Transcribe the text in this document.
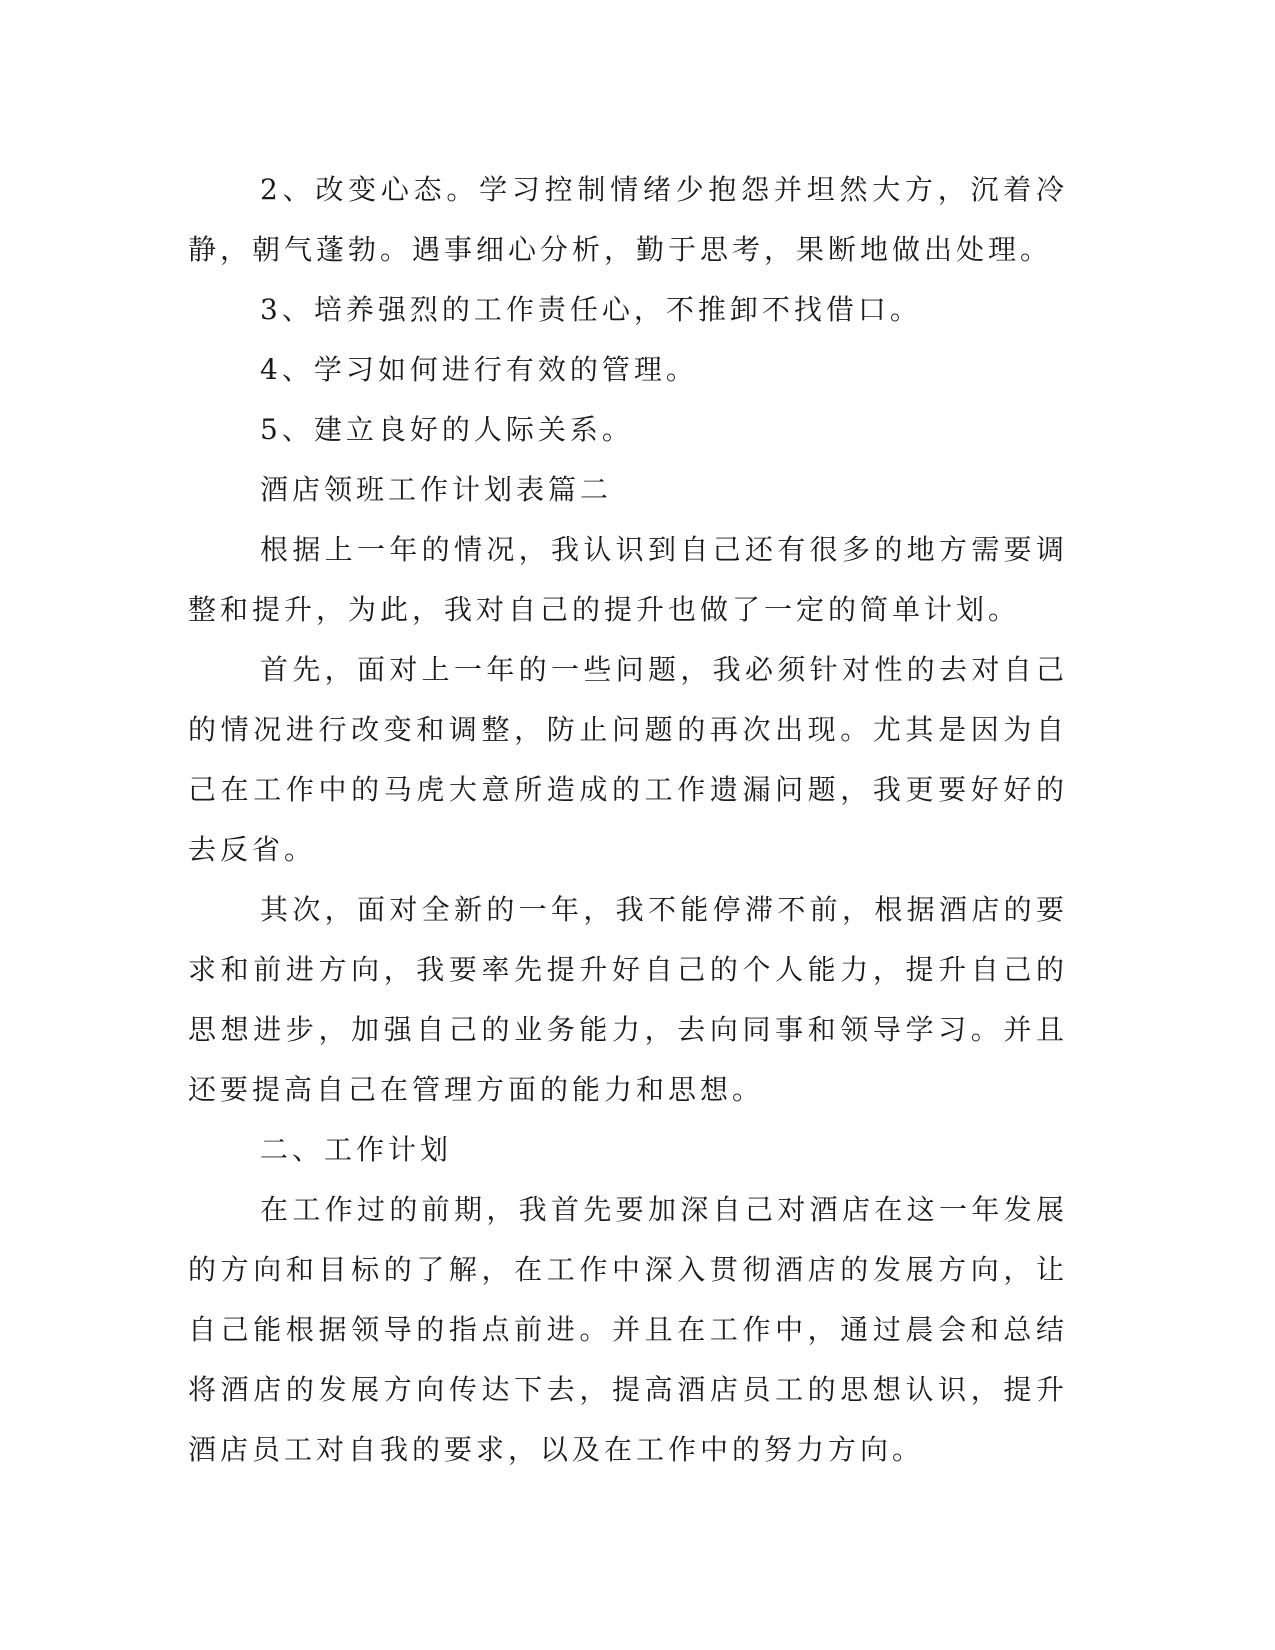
2、改变心态。学习控制情绪少抱怨并坦然大方，沉着冷静，朝气蓬勃。遇事细心分析，勤于思考，果断地做出处理。

3、培养强烈的工作责任心，不推卸不找借口。

4、学习如何进行有效的管理。

5、建立良好的人际关系。

酒店领班工作计划表篇二

根据上一年的情况，我认识到自己还有很多的地方需要调整和提升，为此，我对自己的提升也做了一定的简单计划。

首先，面对上一年的一些问题，我必须针对性的去对自己的情况进行改变和调整，防止问题的再次出现。尤其是因为自己在工作中的马虎大意所造成的工作遗漏问题，我更要好好的去反省。

其次，面对全新的一年，我不能停滞不前，根据酒店的要求和前进方向，我要率先提升好自己的个人能力，提升自己的思想进步，加强自己的业务能力，去向同事和领导学习。并且还要提高自己在管理方面的能力和思想。

二、工作计划

在工作过的前期，我首先要加深自己对酒店在这一年发展的方向和目标的了解，在工作中深入贯彻酒店的发展方向，让自己能根据领导的指点前进。并且在工作中，通过晨会和总结将酒店的发展方向传达下去，提高酒店员工的思想认识，提升酒店员工对自我的要求，以及在工作中的努力方向。
